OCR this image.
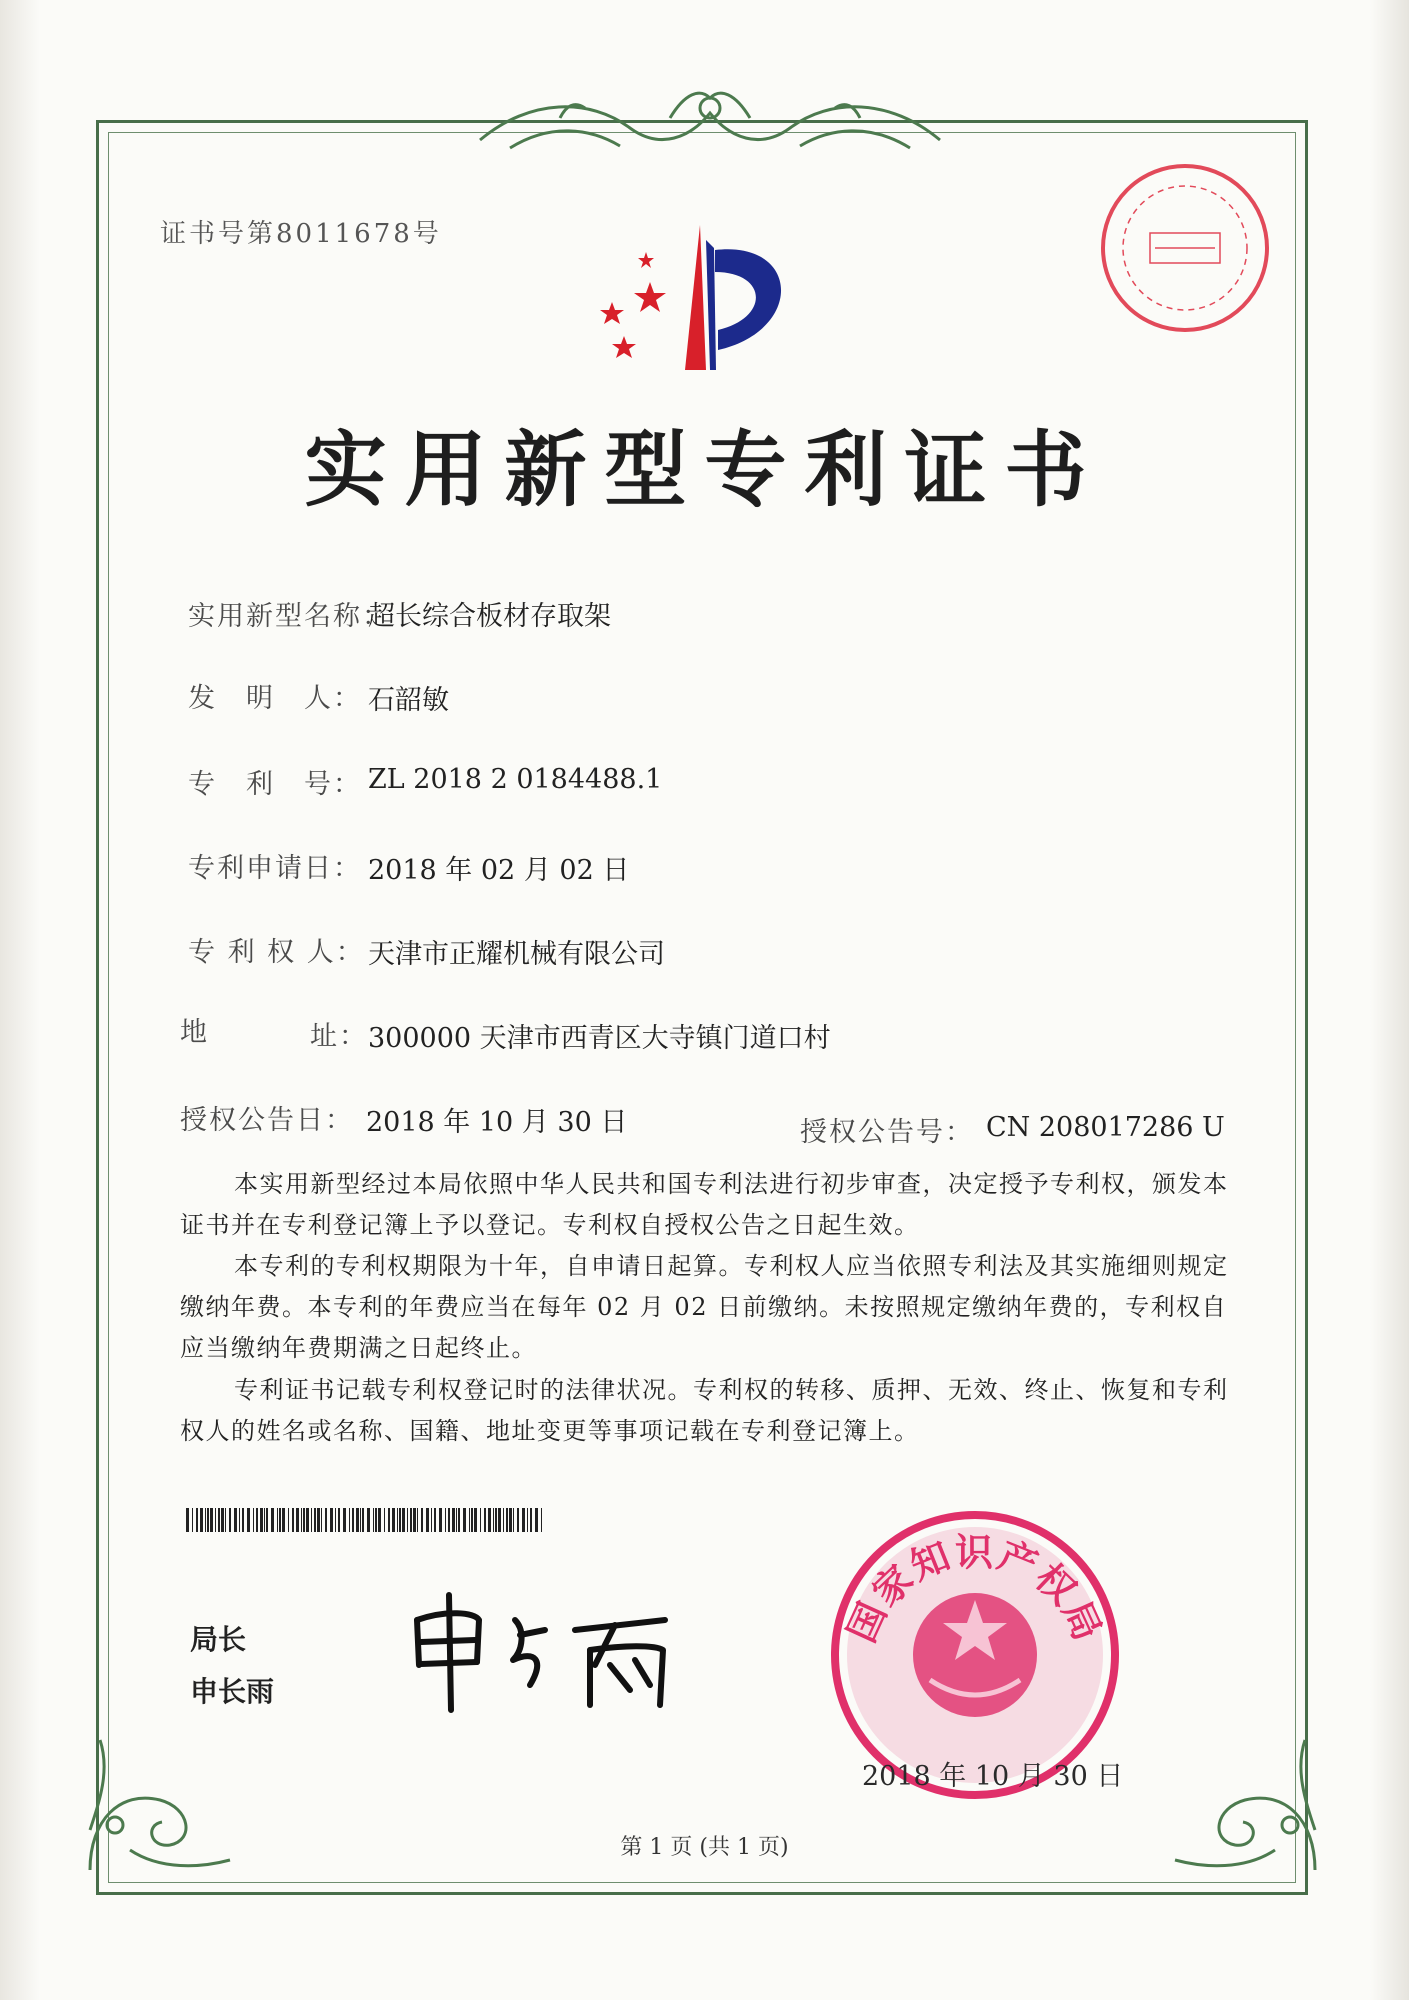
证书号第8011678号
实用新型专利证书
实用新型名称：
超长综合板材存取架
发　明　人： 石韶敏
专　利　号： ZL 2018 2 0184488.1
专利申请日： 2018 年 02 月 02 日
专 利 权 人： 天津市正耀机械有限公司
地	址： 300000 天津市西青区大寺镇门道口村
授权公告日： 2018 年 10 月 30 日	授权公告号： CN 208017286 U
本实用新型经过本局依照中华人民共和国专利法进行初步审查，决定授予专利权，颁发本证书并在专利登记簿上予以登记。专利权自授权公告之日起生效。
本专利的专利权期限为十年，自申请日起算。专利权人应当依照专利法及其实施细则规定缴纳年费。本专利的年费应当在每年 02 月 02 日前缴纳。未按照规定缴纳年费的，专利权自应当缴纳年费期满之日起终止。
专利证书记载专利权登记时的法律状况。专利权的转移、质押、无效、终止、恢复和专利权人的姓名或名称、国籍、地址变更等事项记载在专利登记簿上。
局长
申长雨
国家知识产权局
2018 年 10 月 30 日
第 1 页 (共 1 页)
